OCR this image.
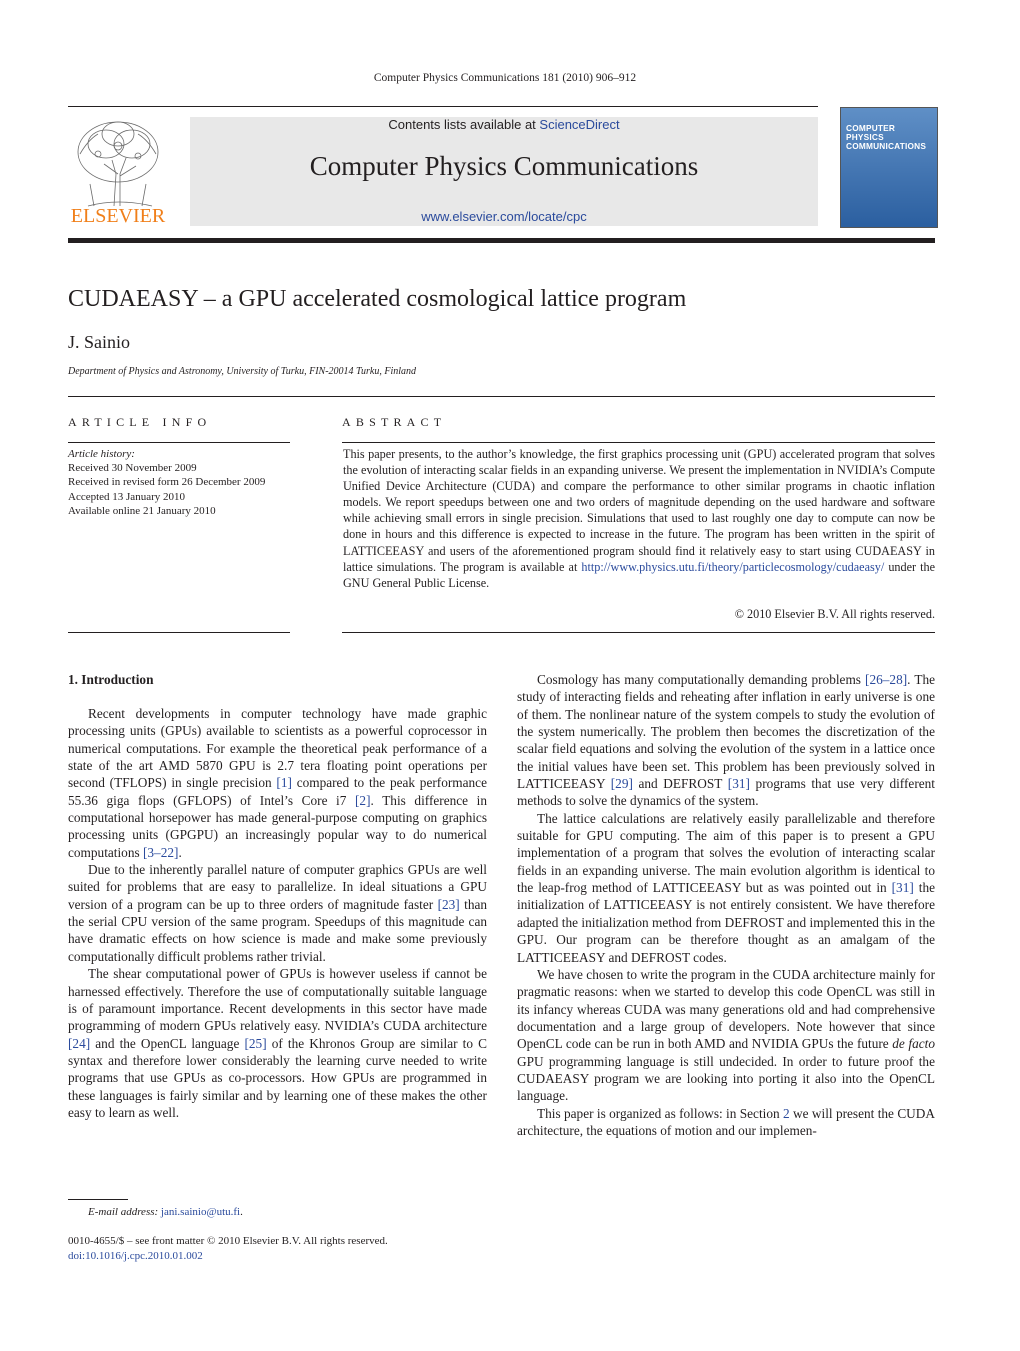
Computer Physics Communications 181 (2010) 906–912
ELSEVIER
Contents lists available at ScienceDirect
Computer Physics Communications
www.elsevier.com/locate/cpc
COMPUTER PHYSICS COMMUNICATIONS
CUDAEASY – a GPU accelerated cosmological lattice program
J. Sainio
Department of Physics and Astronomy, University of Turku, FIN-20014 Turku, Finland
ARTICLE INFO	ABSTRACT
Article history:
Received 30 November 2009
Received in revised form 26 December 2009
Accepted 13 January 2010
Available online 21 January 2010
This paper presents, to the author’s knowledge, the first graphics processing unit (GPU) accelerated program that solves the evolution of interacting scalar fields in an expanding universe. We present the implementation in NVIDIA’s Compute Unified Device Architecture (CUDA) and compare the performance to other similar programs in chaotic inflation models. We report speedups between one and two orders of magnitude depending on the used hardware and software while achieving small errors in single precision. Simulations that used to last roughly one day to compute can now be done in hours and this difference is expected to increase in the future. The program has been written in the spirit of LATTICEEASY and users of the aforementioned program should find it relatively easy to start using CUDAEASY in lattice simulations. The program is available at http://www.physics.utu.fi/theory/particlecosmology/cudaeasy/ under the GNU General Public License.
© 2010 Elsevier B.V. All rights reserved.
1. Introduction

Recent developments in computer technology have made graphic processing units (GPUs) available to scientists as a powerful coprocessor in numerical computations. For example the theoretical peak performance of a state of the art AMD 5870 GPU is 2.7 tera floating point operations per second (TFLOPS) in single precision [1] compared to the peak performance 55.36 giga flops (GFLOPS) of Intel’s Core i7 [2]. This difference in computational horsepower has made general-purpose computing on graphics processing units (GPGPU) an increasingly popular way to do numerical computations [3–22].

Due to the inherently parallel nature of computer graphics GPUs are well suited for problems that are easy to parallelize. In ideal situations a GPU version of a program can be up to three orders of magnitude faster [23] than the serial CPU version of the same program. Speedups of this magnitude can have dramatic effects on how science is made and make some previously computationally difficult problems rather trivial.

The shear computational power of GPUs is however useless if cannot be harnessed effectively. Therefore the use of computationally suitable language is of paramount importance. Recent developments in this sector have made programming of modern GPUs relatively easy. NVIDIA’s CUDA architecture [24] and the OpenCL language [25] of the Khronos Group are similar to C syntax and therefore lower considerably the learning curve needed to write programs that use GPUs as co-processors. How GPUs are programmed in these languages is fairly similar and by learning one of these makes the other easy to learn as well.

Cosmology has many computationally demanding problems [26–28]. The study of interacting fields and reheating after inflation in early universe is one of them. The nonlinear nature of the system compels to study the evolution of the system numerically. The problem then becomes the discretization of the scalar field equations and solving the evolution of the system in a lattice once the initial values have been set. This problem has been previously solved in LATTICEEASY [29] and DEFROST [31] programs that use very different methods to solve the dynamics of the system.

The lattice calculations are relatively easily parallelizable and therefore suitable for GPU computing. The aim of this paper is to present a GPU implementation of a program that solves the evolution of interacting scalar fields in an expanding universe. The main evolution algorithm is identical to the leap-frog method of LATTICEEASY but as was pointed out in [31] the initialization of LATTICEEASY is not entirely consistent. We have therefore adapted the initialization method from DEFROST and implemented this in the GPU. Our program can be therefore thought as an amalgam of the LATTICEEASY and DEFROST codes.

We have chosen to write the program in the CUDA architecture mainly for pragmatic reasons: when we started to develop this code OpenCL was still in its infancy whereas CUDA was many generations old and had comprehensive documentation and a large group of developers. Note however that since OpenCL code can be run in both AMD and NVIDIA GPUs the future de facto GPU programming language is still undecided. In order to future proof the CUDAEASY program we are looking into porting it also into the OpenCL language.

This paper is organized as follows: in Section 2 we will present the CUDA architecture, the equations of motion and our implemen-

E-mail address: jani.sainio@utu.fi.
0010-4655/$ – see front matter © 2010 Elsevier B.V. All rights reserved.
doi:10.1016/j.cpc.2010.01.002
